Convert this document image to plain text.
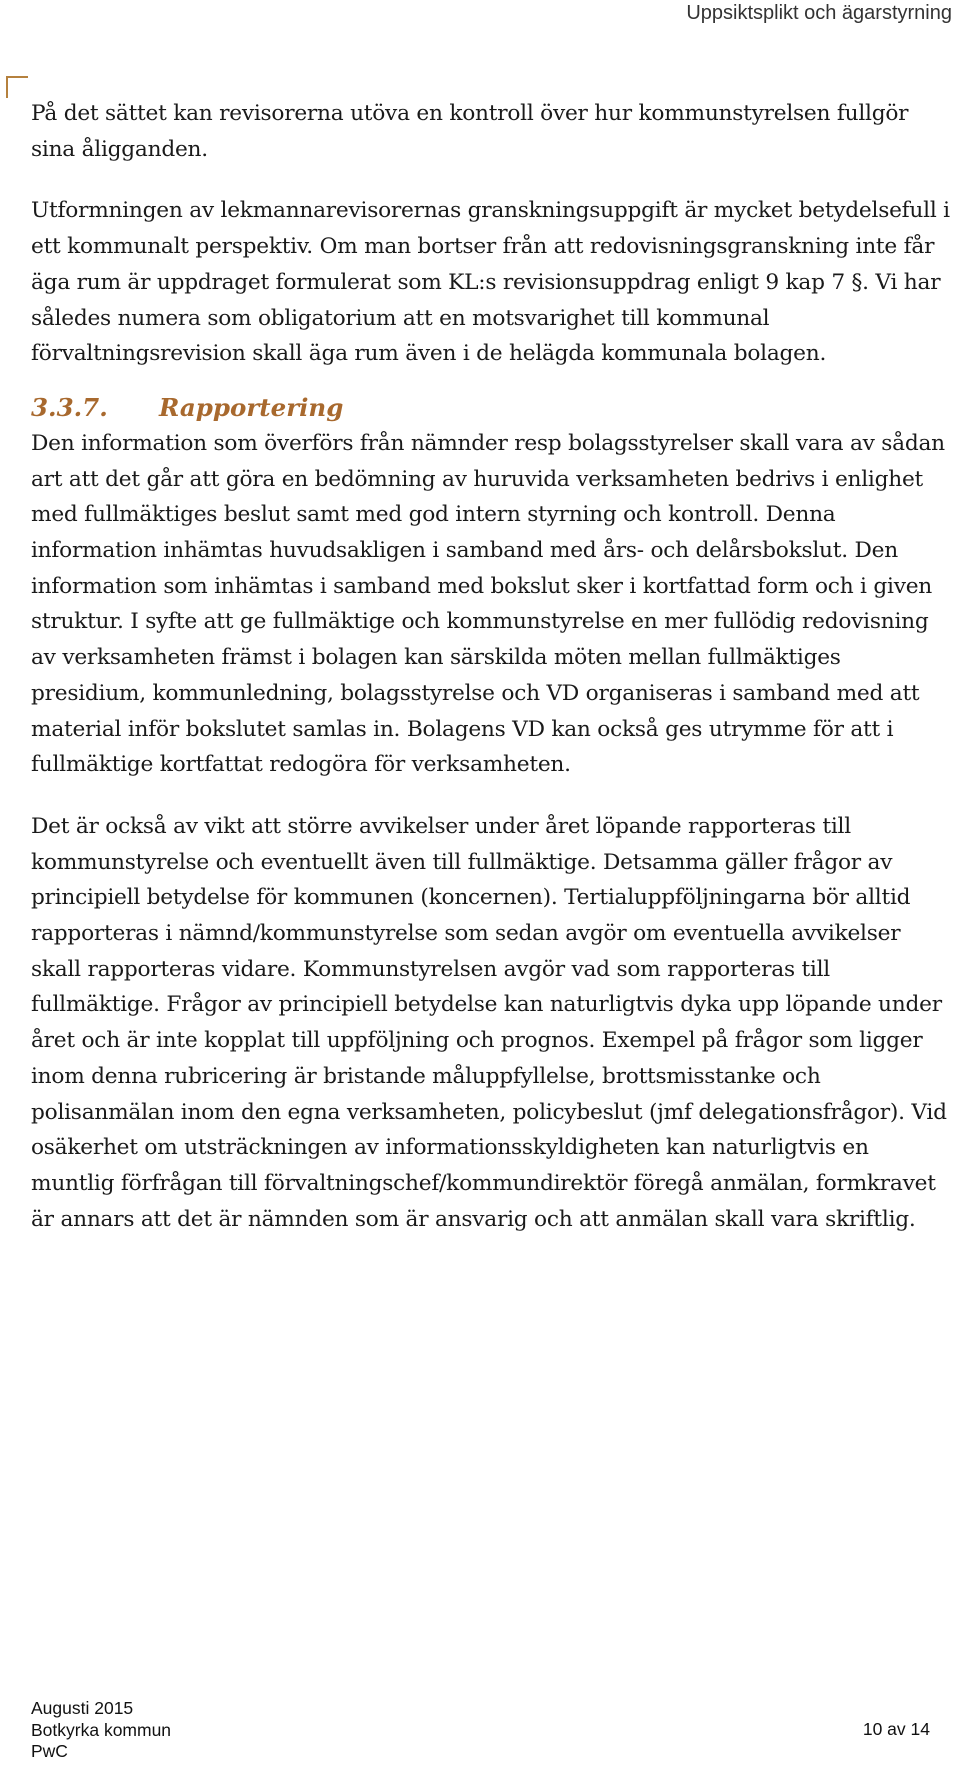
Uppsiktsplikt och ägarstyrning

På det sättet kan revisorerna utöva en kontroll över hur kommunstyrelsen fullgör sina åligganden.

Utformningen av lekmannarevisorernas granskningsuppgift är mycket betydelsefull i ett kommunalt perspektiv. Om man bortser från att redovisningsgranskning inte får äga rum är uppdraget formulerat som KL:s revisionsuppdrag enligt 9 kap 7 §. Vi har således numera som obligatorium att en motsvarighet till kommunal förvaltningsrevision skall äga rum även i de helägda kommunala bolagen.

3.3.7. Rapportering

Den information som överförs från nämnder resp bolagsstyrelser skall vara av sådan art att det går att göra en bedömning av huruvida verksamheten bedrivs i enlighet med fullmäktiges beslut samt med god intern styrning och kontroll. Denna information inhämtas huvudsakligen i samband med års- och delårsbokslut. Den information som inhämtas i samband med bokslut sker i kortfattad form och i given struktur. I syfte att ge fullmäktige och kommunstyrelse en mer fullödig redovisning av verksamheten främst i bolagen kan särskilda möten mellan fullmäktiges presidium, kommunledning, bolagsstyrelse och VD organiseras i samband med att material inför bokslutet samlas in. Bolagens VD kan också ges utrymme för att i fullmäktige kortfattat redogöra för verksamheten.

Det är också av vikt att större avvikelser under året löpande rapporteras till kommunstyrelse och eventuellt även till fullmäktige. Detsamma gäller frågor av principiell betydelse för kommunen (koncernen). Tertialuppföljningarna bör alltid rapporteras i nämnd/kommunstyrelse som sedan avgör om eventuella avvikelser skall rapporteras vidare. Kommunstyrelsen avgör vad som rapporteras till fullmäktige. Frågor av principiell betydelse kan naturligtvis dyka upp löpande under året och är inte kopplat till uppföljning och prognos. Exempel på frågor som ligger inom denna rubricering är bristande måluppfyllelse, brottsmisstanke och polisanmälan inom den egna verksamheten, policybeslut (jmf delegationsfrågor). Vid osäkerhet om utsträckningen av informationsskyldigheten kan naturligtvis en muntlig förfrågan till förvaltningschef/kommundirektör föregå anmälan, formkravet är annars att det är nämnden som är ansvarig och att anmälan skall vara skriftlig.

Augusti 2015
Botkyrka kommun
PwC
10 av 14
